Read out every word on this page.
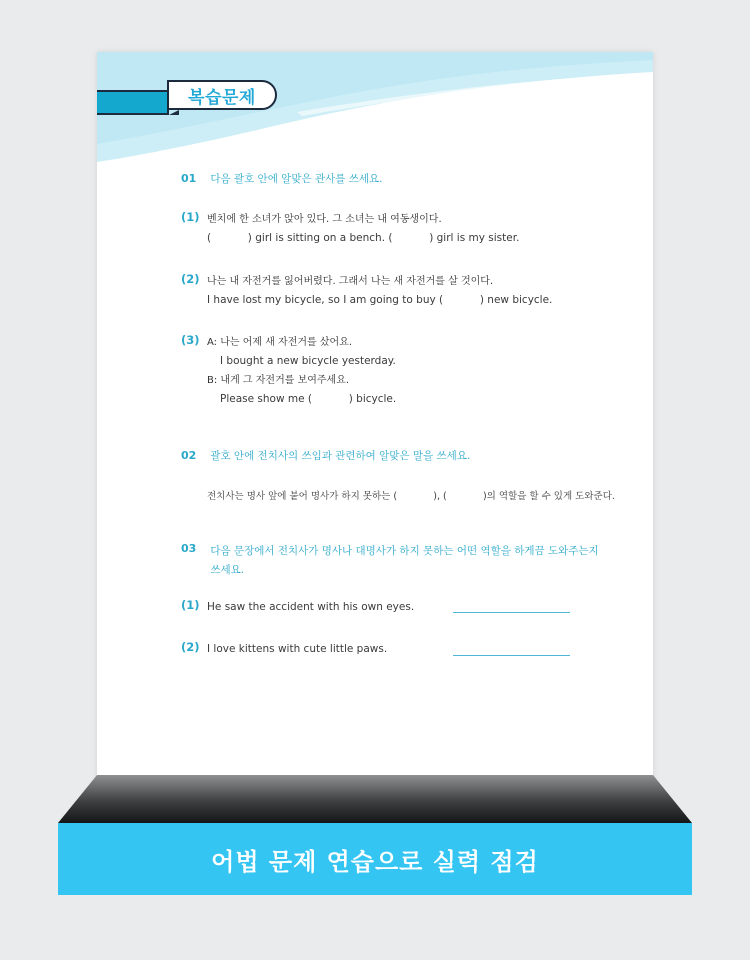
복습문제
01 다음 괄호 안에 알맞은 관사를 쓰세요.
(1) 벤치에 한 소녀가 앉아 있다. 그 소녀는 내 여동생이다.
(           ) girl is sitting on a bench. (           ) girl is my sister.
(2) 나는 내 자전거를 잃어버렸다. 그래서 나는 새 자전거를 살 것이다.
I have lost my bicycle, so I am going to buy (           ) new bicycle.
(3) A: 나는 어제 새 자전거를 샀어요.
I bought a new bicycle yesterday.
B: 내게 그 자전거를 보여주세요.
Please show me (           ) bicycle.
02 괄호 안에 전치사의 쓰임과 관련하여 알맞은 말을 쓰세요.
전치사는 명사 앞에 붙어 명사가 하지 못하는 (            ), (            )의 역할을 할 수 있게 도와준다.
03 다음 문장에서 전치사가 명사나 대명사가 하지 못하는 어떤 역할을 하게끔 도와주는지
쓰세요.
(1) He saw the accident with his own eyes.
(2) I love kittens with cute little paws.
어법 문제 연습으로 실력 점검
